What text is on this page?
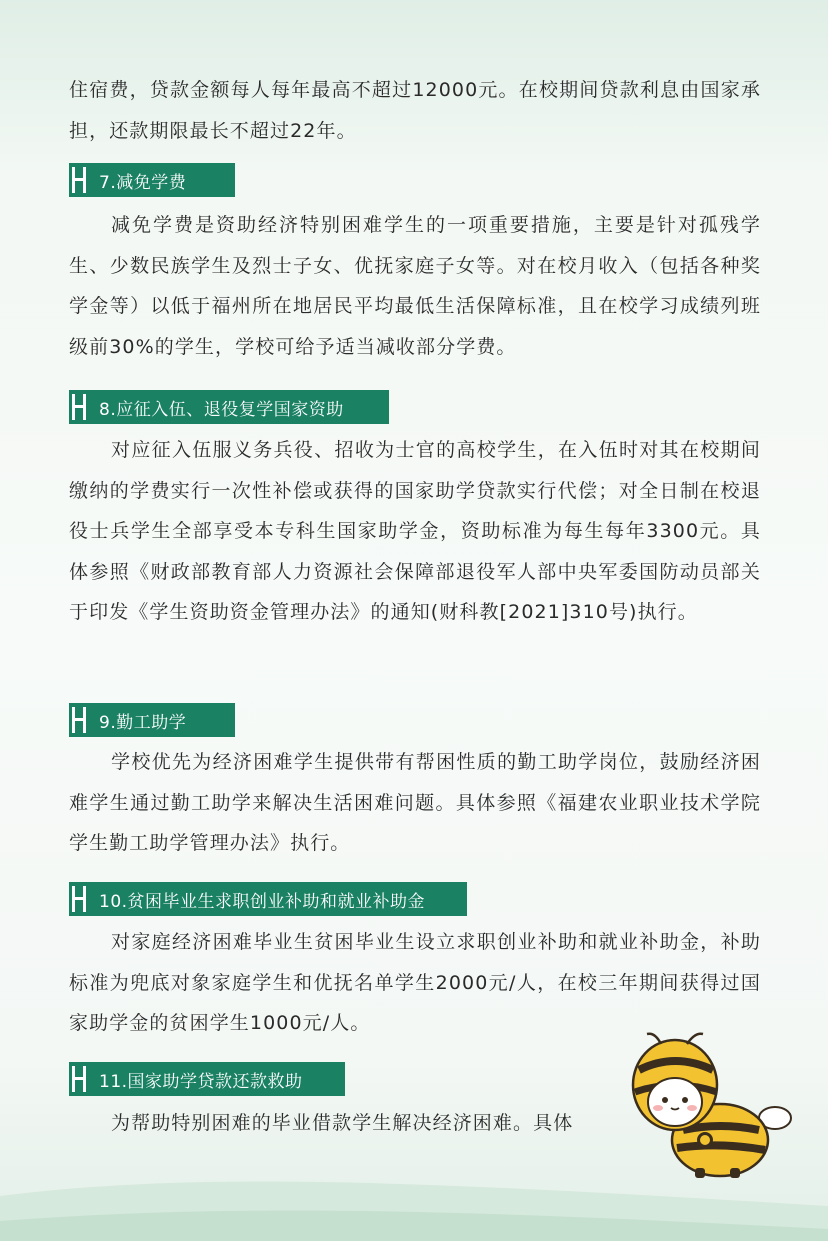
住宿费，贷款金额每人每年最高不超过12000元。在校期间贷款利息由国家承担，还款期限最长不超过22年。

7.减免学费

减免学费是资助经济特别困难学生的一项重要措施，主要是针对孤残学生、少数民族学生及烈士子女、优抚家庭子女等。对在校月收入（包括各种奖学金等）以低于福州所在地居民平均最低生活保障标准，且在校学习成绩列班级前30%的学生，学校可给予适当减收部分学费。

8.应征入伍、退役复学国家资助

对应征入伍服义务兵役、招收为士官的高校学生，在入伍时对其在校期间缴纳的学费实行一次性补偿或获得的国家助学贷款实行代偿；对全日制在校退役士兵学生全部享受本专科生国家助学金，资助标准为每生每年3300元。具体参照《财政部教育部人力资源社会保障部退役军人部中央军委国防动员部关于印发《学生资助资金管理办法》的通知(财科教[2021]310号)执行。

9.勤工助学

学校优先为经济困难学生提供带有帮困性质的勤工助学岗位，鼓励经济困难学生通过勤工助学来解决生活困难问题。具体参照《福建农业职业技术学院学生勤工助学管理办法》执行。

10.贫困毕业生求职创业补助和就业补助金

对家庭经济困难毕业生贫困毕业生设立求职创业补助和就业补助金，补助标准为兜底对象家庭学生和优抚名单学生2000元/人，在校三年期间获得过国家助学金的贫困学生1000元/人。

11.国家助学贷款还款救助

为帮助特别困难的毕业借款学生解决经济困难。具体
